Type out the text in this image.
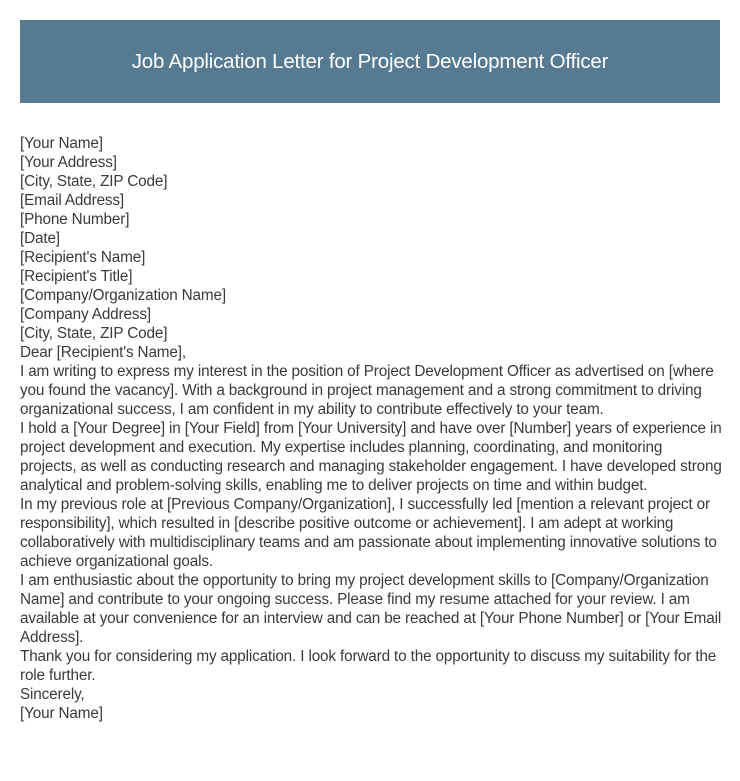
Job Application Letter for Project Development Officer

[Your Name]

[Your Address]

[City, State, ZIP Code]

[Email Address]

[Phone Number]

[Date]

[Recipient's Name]

[Recipient's Title]

[Company/Organization Name]

[Company Address]

[City, State, ZIP Code]

Dear [Recipient's Name],

I am writing to express my interest in the position of Project Development Officer as advertised on [where you found the vacancy]. With a background in project management and a strong commitment to driving organizational success, I am confident in my ability to contribute effectively to your team.

I hold a [Your Degree] in [Your Field] from [Your University] and have over [Number] years of experience in project development and execution. My expertise includes planning, coordinating, and monitoring projects, as well as conducting research and managing stakeholder engagement. I have developed strong analytical and problem-solving skills, enabling me to deliver projects on time and within budget.

In my previous role at [Previous Company/Organization], I successfully led [mention a relevant project or responsibility], which resulted in [describe positive outcome or achievement]. I am adept at working collaboratively with multidisciplinary teams and am passionate about implementing innovative solutions to achieve organizational goals.

I am enthusiastic about the opportunity to bring my project development skills to [Company/Organization Name] and contribute to your ongoing success. Please find my resume attached for your review. I am available at your convenience for an interview and can be reached at [Your Phone Number] or [Your Email Address].

Thank you for considering my application. I look forward to the opportunity to discuss my suitability for the role further.

Sincerely,

[Your Name]
